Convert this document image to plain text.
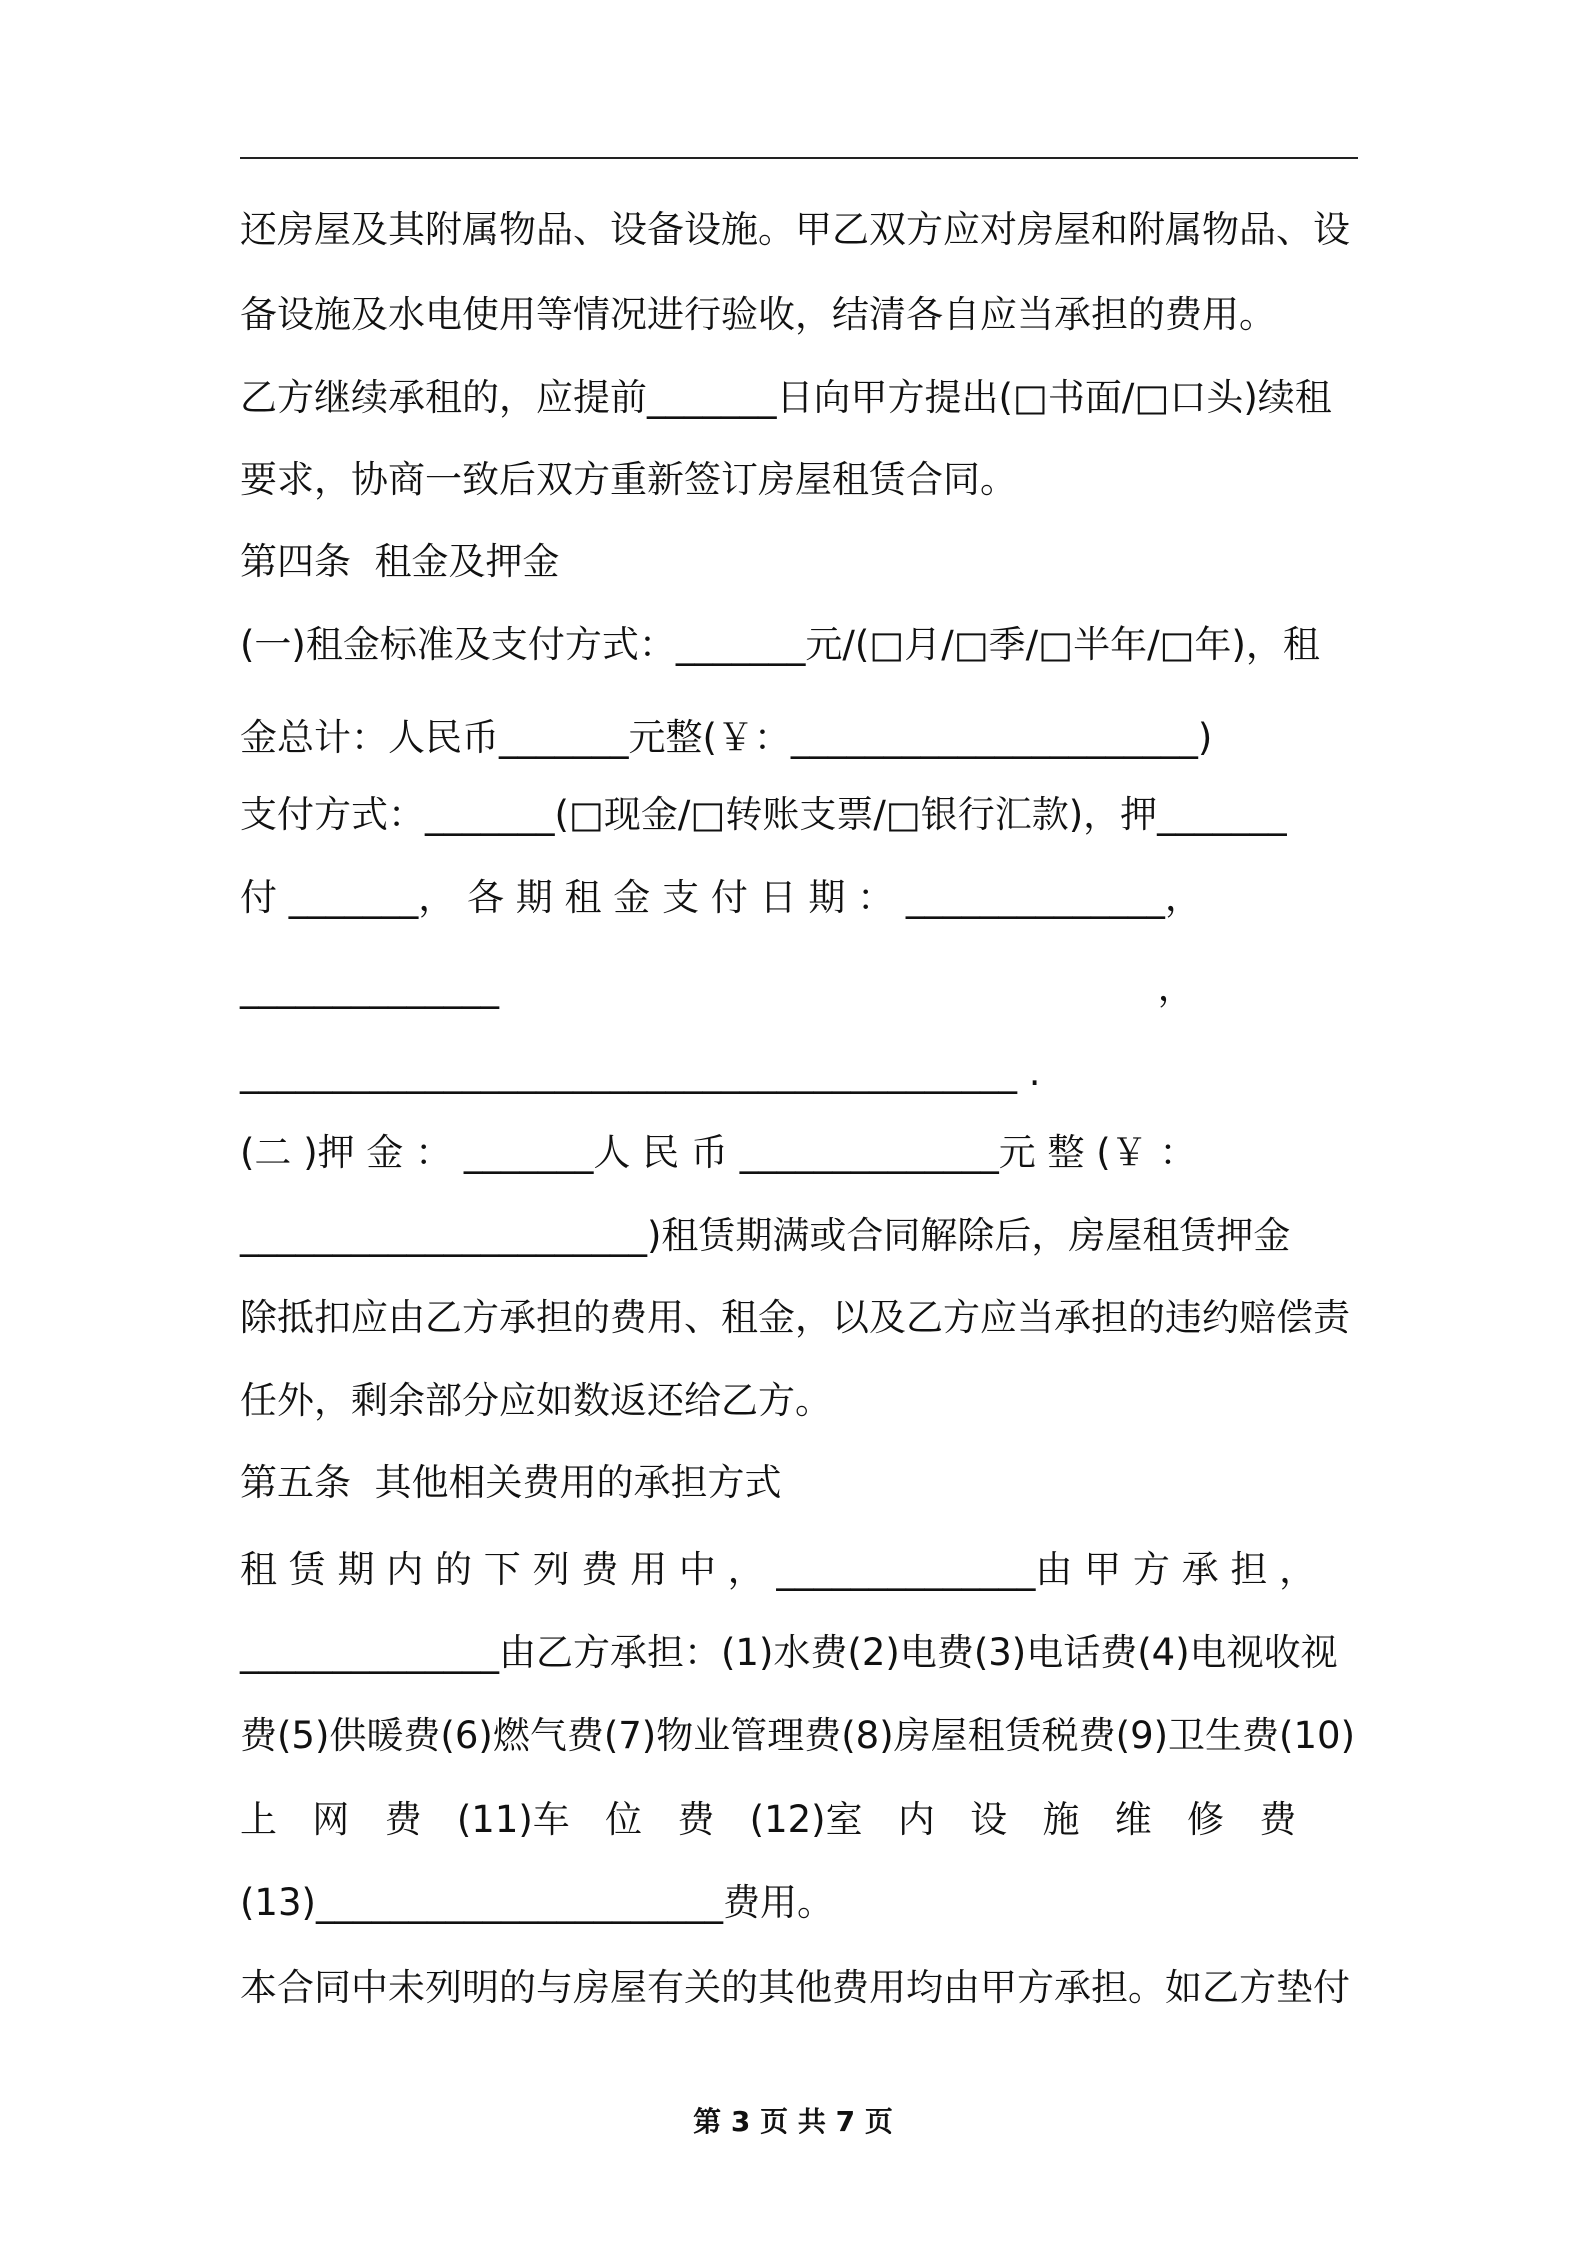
还房屋及其附属物品、设备设施。甲乙双方应对房屋和附属物品、设
备设施及水电使用等情况进行验收，结清各自应当承担的费用。
乙方继续承租的，应提前_______日向甲方提出(□书面/□口头)续租
要求，协商一致后双方重新签订房屋租赁合同。
第四条  租金及押金
(一)租金标准及支付方式：_______元/(□月/□季/□半年/□年)，租
金总计：人民币_______元整(￥：______________________)
支付方式：_______(□现金/□转账支票/□银行汇款)，押_______
付 _______， 各 期 租 金 支 付 日 期 ： ______________，
______________                                                        ，
__________________________________________ .
(二 )押 金 ： _______人 民 币 ______________元 整 (￥ ：
______________________)租赁期满或合同解除后，房屋租赁押金
除抵扣应由乙方承担的费用、租金，以及乙方应当承担的违约赔偿责
任外，剩余部分应如数返还给乙方。
第五条  其他相关费用的承担方式
租 赁 期 内 的 下 列 费 用 中 ， ______________由 甲 方 承 担 ，
______________由乙方承担：(1)水费(2)电费(3)电话费(4)电视收视
费(5)供暖费(6)燃气费(7)物业管理费(8)房屋租赁税费(9)卫生费(10)
上   网   费   (11)车   位   费   (12)室   内   设   施   维   修   费
(13)______________________费用。
本合同中未列明的与房屋有关的其他费用均由甲方承担。如乙方垫付
第 3 页 共 7 页
